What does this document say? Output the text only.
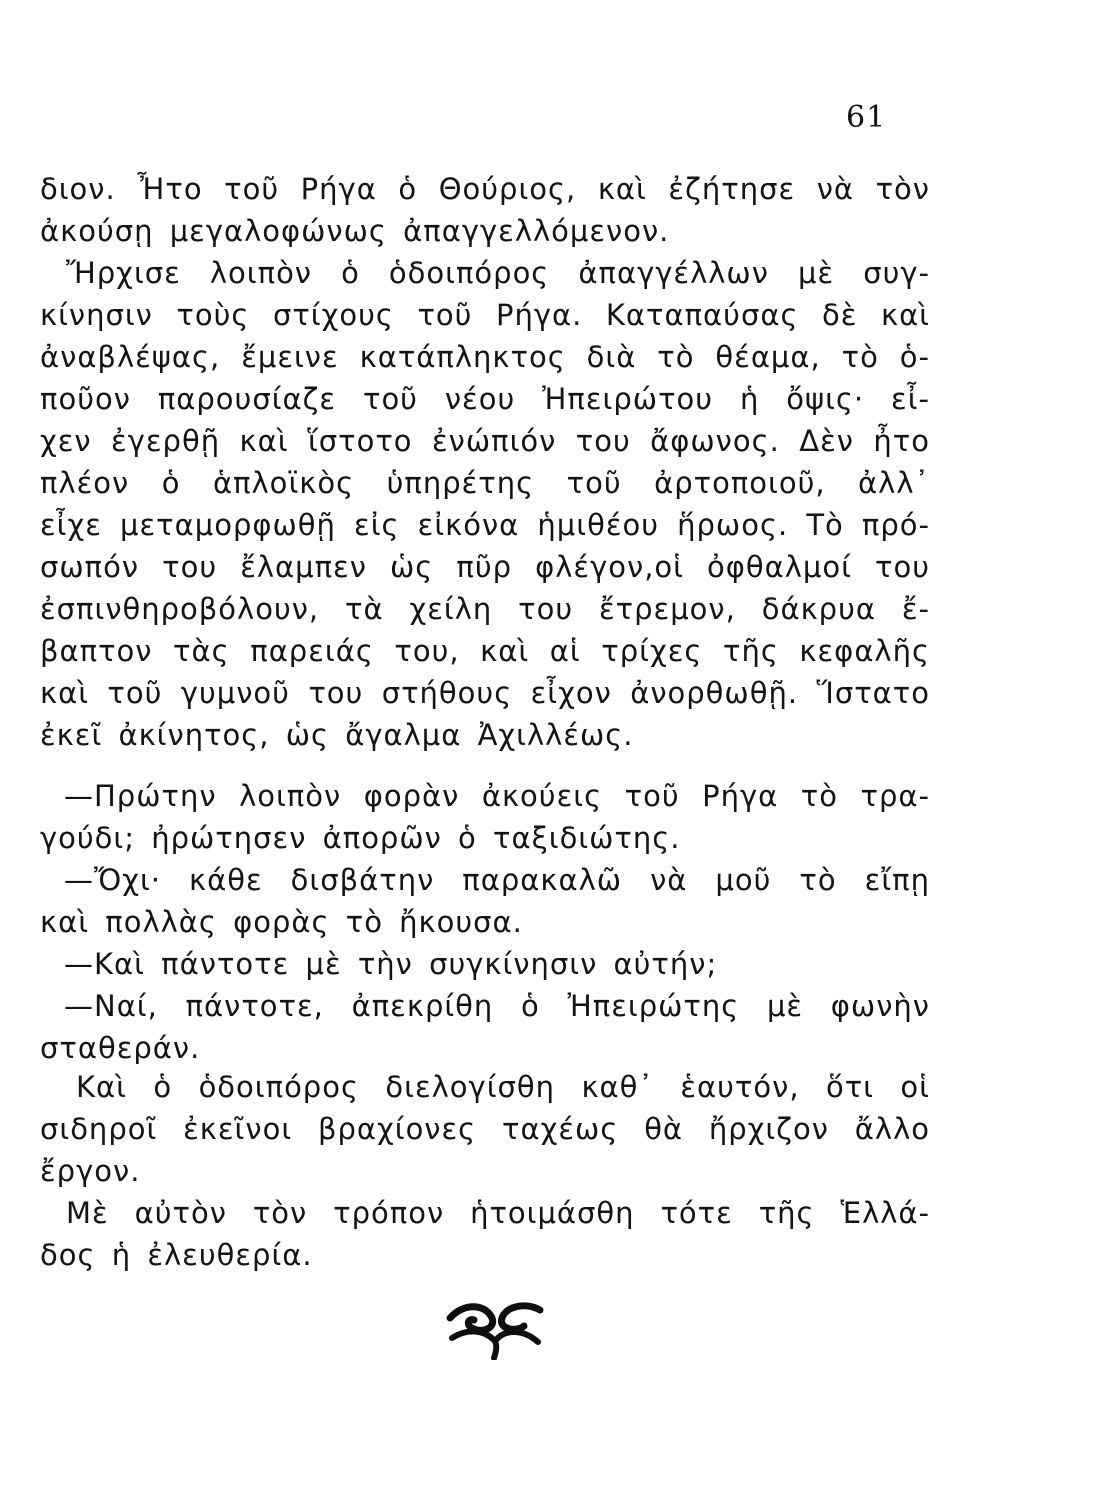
61
διον. Ἦτο τοῦ Ρήγα ὁ Θούριος, καὶ ἐζήτησε νὰ τὸν
ἀκούσῃ μεγαλοφώνως ἀπαγγελλόμενον.
Ἤρχισε λοιπὸν ὁ ὁδοιπόρος ἀπαγγέλλων μὲ συγ-
κίνησιν τοὺς στίχους τοῦ Ρήγα. Καταπαύσας δὲ καὶ
ἀναβλέψας, ἔμεινε κατάπληκτος διὰ τὸ θέαμα, τὸ ὁ-
ποῦον παρουσίαζε τοῦ νέου Ἠπειρώτου ἡ ὄψις· εἶ-
χεν ἐγερθῇ καὶ ἵστοτο ἐνώπιόν του ἄφωνος. Δὲν ἦτο
πλέον ὁ ἁπλοϊκὸς ὑπηρέτης τοῦ ἀρτοποιοῦ, ἀλλ᾽
εἶχε μεταμορφωθῇ εἰς εἰκόνα ἡμιθέου ἥρωος. Τὸ πρό-
σωπόν του ἔλαμπεν ὡς πῦρ φλέγον,οἱ ὀφθαλμοί του
ἐσπινθηροβόλουν, τὰ χείλη του ἔτρεμον, δάκρυα ἔ-
βαπτον τὰς παρειάς του, καὶ αἱ τρίχες τῆς κεφαλῆς
καὶ τοῦ γυμνοῦ του στήθους εἶχον ἀνορθωθῇ. Ἵστατο
ἐκεῖ ἀκίνητος, ὡς ἄγαλμα Ἀχιλλέως.
—Πρώτην λοιπὸν φορὰν ἀκούεις τοῦ Ρήγα τὸ τρα-
γούδι; ἠρώτησεν ἀπορῶν ὁ ταξιδιώτης.
—Ὄχι· κάθε δισβάτην παρακαλῶ νὰ μοῦ τὸ εἴπῃ
καὶ πολλὰς φορὰς τὸ ἤκουσα.
—Καὶ πάντοτε μὲ τὴν συγκίνησιν αὐτήν;
—Ναί, πάντοτε, ἀπεκρίθη ὁ Ἠπειρώτης μὲ φωνὴν
σταθεράν.
Καὶ ὁ ὁδοιπόρος διελογίσθη καθ᾽ ἑαυτόν, ὅτι οἱ
σιδηροῖ ἐκεῖνοι βραχίονες ταχέως θὰ ἤρχιζον ἄλλο
ἔργον.
Μὲ αὐτὸν τὸν τρόπον ἡτοιμάσθη τότε τῆς Ἑλλά-
δος ἡ ἐλευθερία.
